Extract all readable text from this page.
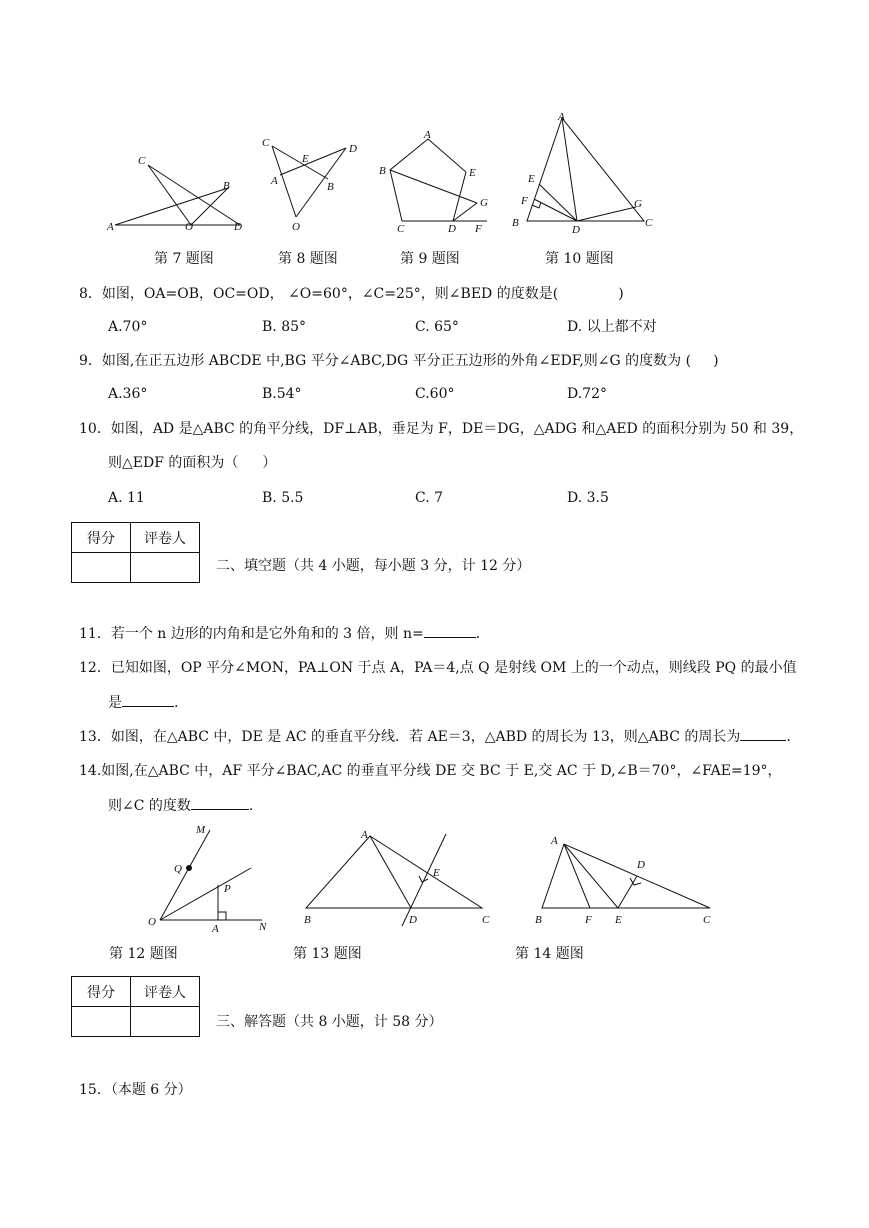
C
B
A	O	D
C
E
D
A	B
O
A
B	E
G
C	D F
A
E
F
B
D
G
C
第 7 题图	第 8 题图	第 9 题图	第 10 题图
8．如图，OA=OB，OC=OD， ∠O=60°，∠C=25°，则∠BED 的度数是(	)
A.70°	B. 85°	C. 65°	D. 以上都不对
9．如图,在正五边形 ABCDE 中,BG 平分∠ABC,DG 平分正五边形的外角∠EDF,则∠G 的度数为 ( )
A.36°	B.54°	C.60°	D.72°
10．如图，AD 是△ABC 的角平分线，DF⊥AB，垂足为 F，DE＝DG，△ADG 和△AED 的面积分别为 50 和 39，
则△EDF 的面积为（ ）
A. 11	B. 5.5	C. 7	D. 3.5
得分	评卷人

二、填空题（共 4 小题，每小题 3 分，计 12 分）
11．若一个 n 边形的内角和是它外角和的 3 倍，则 n=	.
12．已知如图，OP 平分∠MON，PA⊥ON 于点 A，PA＝4,点 Q 是射线 OM 上的一个动点，则线段 PQ 的最小值
是	.
13．如图，在△ABC 中，DE 是 AC 的垂直平分线．若 AE＝3，△ABD 的周长为 13，则△ABC 的周长为	.
14.如图,在△ABC 中，AF 平分∠BAC,AC 的垂直平分线 DE 交 BC 于 E,交 AC 于 D,∠B＝70°，∠FAE=19°，
则∠C 的度数	.
M
Q
P
O
A	N
A
E
B	D	C
A
D
B	F E	C
第 12 题图	第 13 题图	第 14 题图
得分	评卷人

三、解答题（共 8 小题，计 58 分）
15．（本题 6 分）
